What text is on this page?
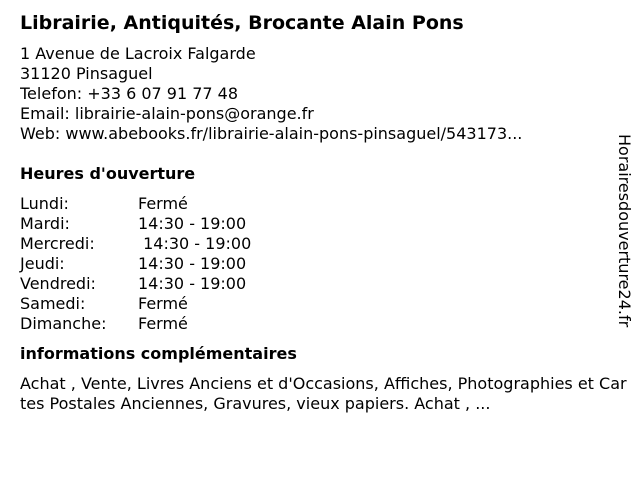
Librairie, Antiquités, Brocante Alain Pons
1 Avenue de Lacroix Falgarde
31120 Pinsaguel
Telefon: +33 6 07 91 77 48
Email: librairie-alain-pons@orange.fr
Web: www.abebooks.fr/librairie-alain-pons-pinsaguel/543173...
Heures d'ouverture
Lundi:	Fermé
Mardi:	14:30 - 19:00
Mercredi:	14:30 - 19:00
Jeudi:	14:30 - 19:00
Vendredi:	14:30 - 19:00
Samedi:	Fermé
Dimanche:	Fermé
informations complémentaires
Achat , Vente, Livres Anciens et d'Occasions, Affiches, Photographies et Cartes Postales Anciennes, Gravures, vieux papiers. Achat , ...
Horairesdouverture24.fr
